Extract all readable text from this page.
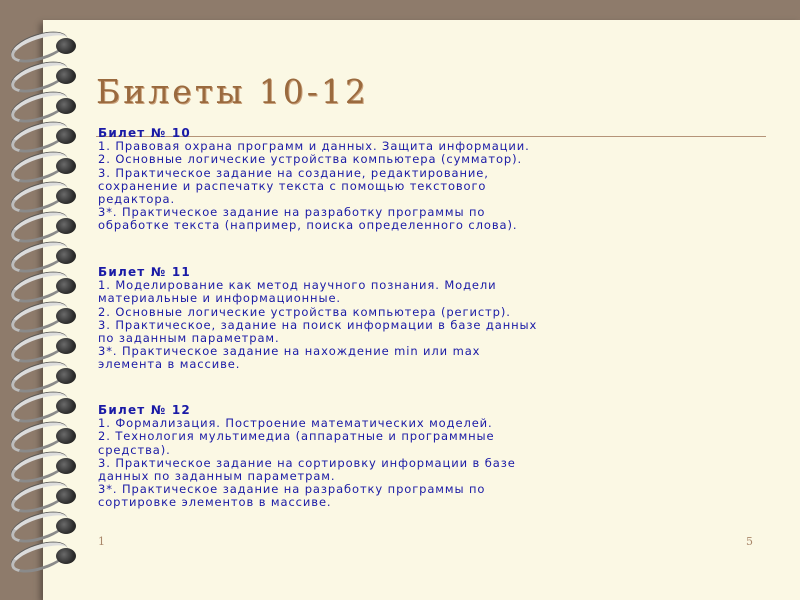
Билеты 10-12
Билет № 10
1. Правовая охрана программ и данных. Защита информации.
2. Основные логические устройства компьютера (сумматор).
3. Практическое задание на создание, редактирование,
сохранение и распечатку текста с помощью текстового
редактора.
3*. Практическое задание на разработку программы по
обработке текста (например, поиска определенного слова).
Билет № 11
1. Моделирование как метод научного познания. Модели
материальные и информационные.
2. Основные логические устройства компьютера (регистр).
3. Практическое, задание на поиск информации в базе данных
по заданным параметрам.
3*. Практическое задание на нахождение min или max
элемента в массиве.
Билет № 12
1. Формализация. Построение математических моделей.
2. Технология мультимедиа (аппаратные и программные
средства).
3. Практическое задание на сортировку информации в базе
данных по заданным параметрам.
3*. Практическое задание на разработку программы по
сортировке элементов в массиве.
1	5
